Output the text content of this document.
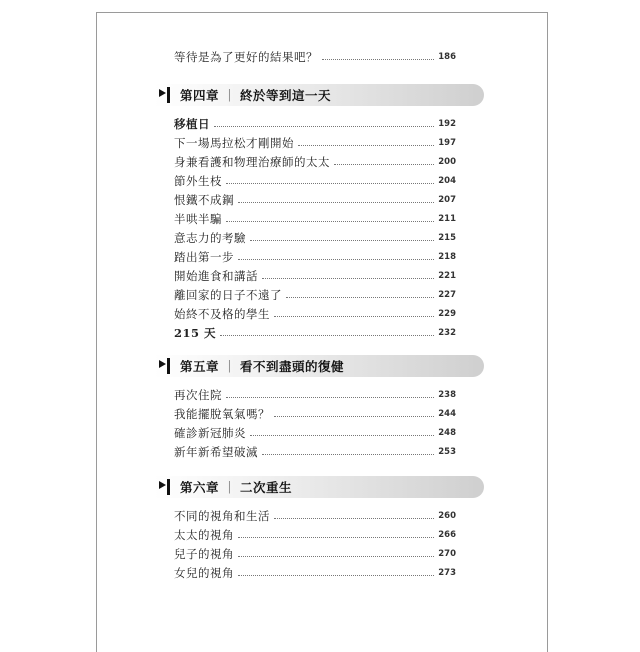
等待是為了更好的結果吧？	186
第四章 ｜ 終於等到這一天
移植日	192
下一場馬拉松才剛開始	197
身兼看護和物理治療師的太太	200
節外生枝	204
恨鐵不成鋼	207
半哄半騙	211
意志力的考驗	215
踏出第一步	218
開始進食和講話	221
離回家的日子不遠了	227
始終不及格的學生	229
215 天	232
第五章 ｜ 看不到盡頭的復健
再次住院	238
我能擺脫氧氣嗎？	244
確診新冠肺炎	248
新年新希望破滅	253
第六章 ｜ 二次重生
不同的視角和生活	260
太太的視角	266
兒子的視角	270
女兒的視角	273
